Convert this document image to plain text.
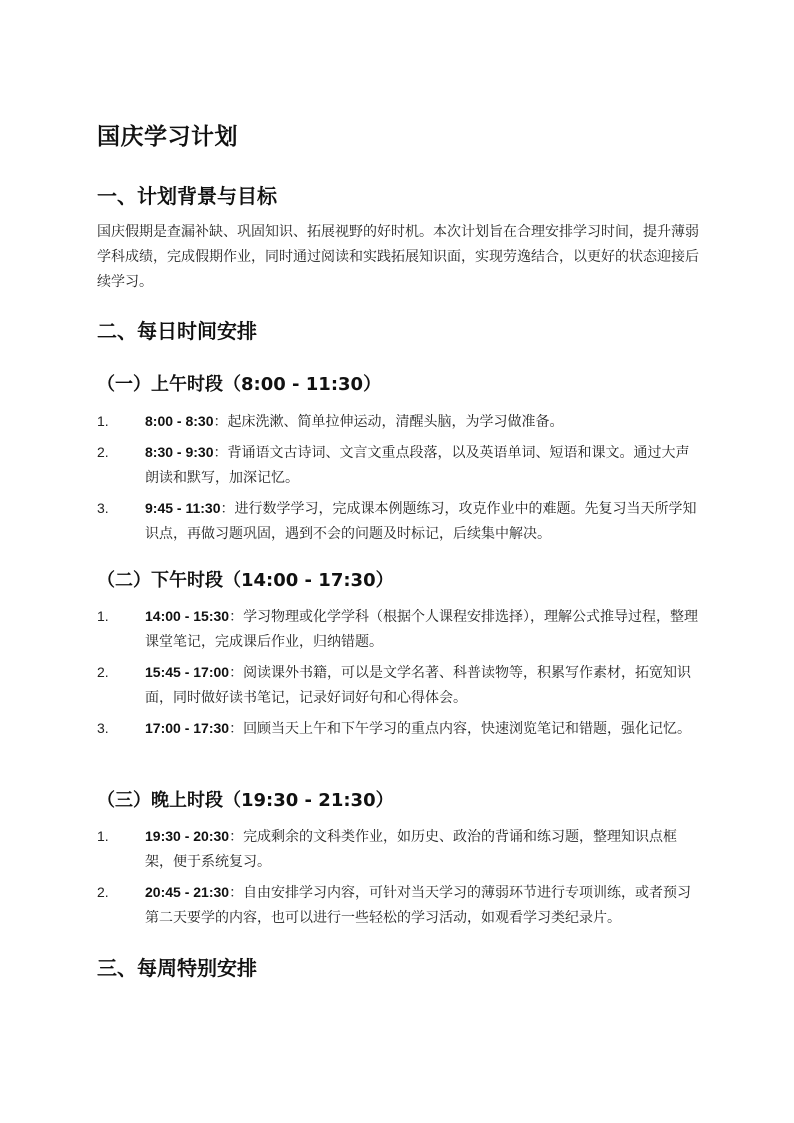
国庆学习计划
一、计划背景与目标

国庆假期是查漏补缺、巩固知识、拓展视野的好时机。本次计划旨在合理安排学习时间，提升薄弱学科成绩，完成假期作业，同时通过阅读和实践拓展知识面，实现劳逸结合，以更好的状态迎接后续学习。

二、每日时间安排
（一）上午时段（8:00 - 11:30）
1.	8:00 - 8:30：起床洗漱、简单拉伸运动，清醒头脑，为学习做准备。
2.	8:30 - 9:30：背诵语文古诗词、文言文重点段落，以及英语单词、短语和课文。通过大声朗读和默写，加深记忆。
3.	9:45 - 11:30：进行数学学习，完成课本例题练习，攻克作业中的难题。先复习当天所学知识点，再做习题巩固，遇到不会的问题及时标记，后续集中解决。
（二）下午时段（14:00 - 17:30）
1.	14:00 - 15:30：学习物理或化学学科（根据个人课程安排选择），理解公式推导过程，整理课堂笔记，完成课后作业，归纳错题。
2.	15:45 - 17:00：阅读课外书籍，可以是文学名著、科普读物等，积累写作素材，拓宽知识面，同时做好读书笔记，记录好词好句和心得体会。
3.	17:00 - 17:30：回顾当天上午和下午学习的重点内容，快速浏览笔记和错题，强化记忆。
（三）晚上时段（19:30 - 21:30）
1.	19:30 - 20:30：完成剩余的文科类作业，如历史、政治的背诵和练习题，整理知识点框架，便于系统复习。
2.	20:45 - 21:30：自由安排学习内容，可针对当天学习的薄弱环节进行专项训练，或者预习第二天要学的内容，也可以进行一些轻松的学习活动，如观看学习类纪录片。
三、每周特别安排
